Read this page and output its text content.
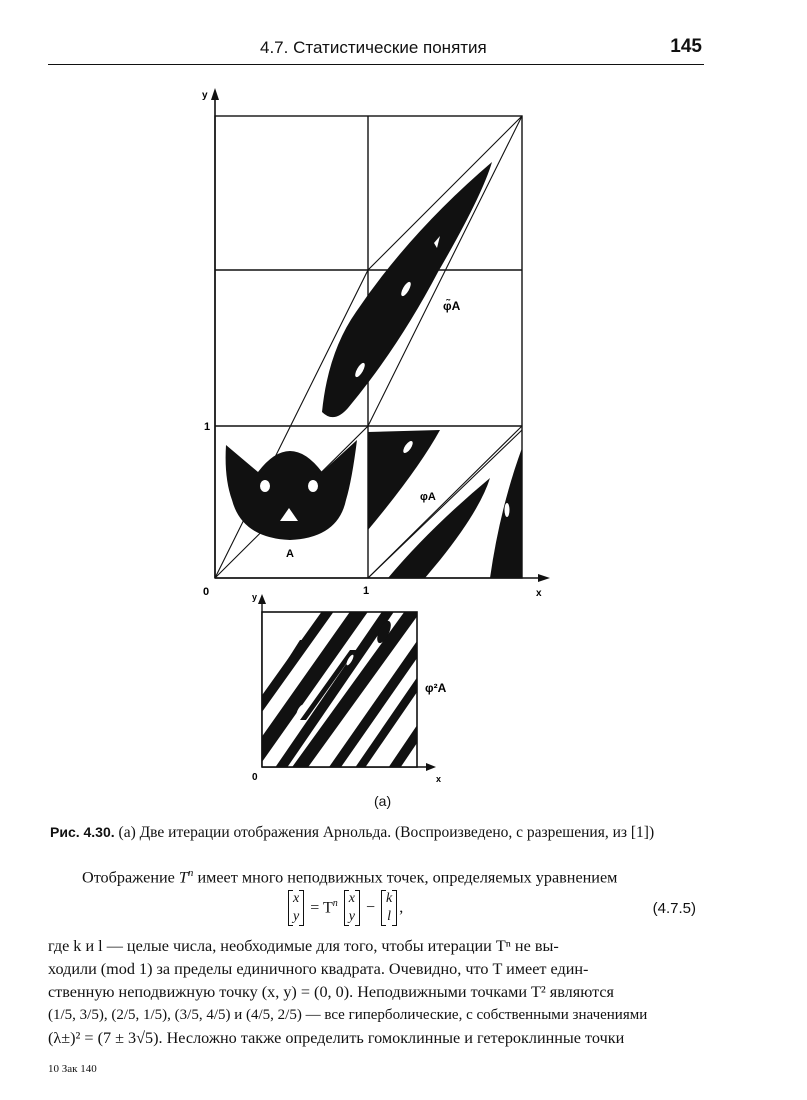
4.7. Статистические понятия	145
y
x
0
1
1
A
φ̃A
φA
y
x
0
φ²A
(a)
Рис. 4.30. (а) Две итерации отображения Арнольда. (Воспроизведено, с разрешения, из [1])
Отображение $T^n$ имеет много неподвижных точек, определяемых уравнением
x
$y = T^n$ x
y − k
l,	(4.7.5)
где k и l — целые числа, необходимые для того, чтобы итерации Tⁿ не вы-
ходили (mod 1) за пределы единичного квадрата. Очевидно, что T имеет един-
ственную неподвижную точку (x, y) = (0, 0). Неподвижными точками T² являются
(1/5, 3/5), (2/5, 1/5), (3/5, 4/5) и (4/5, 2/5) — все гиперболические, с собственными значениями
(λ±)² = (7 ± 3√5). Несложно также определить гомоклинные и гетероклинные точки
10 Зак 140
